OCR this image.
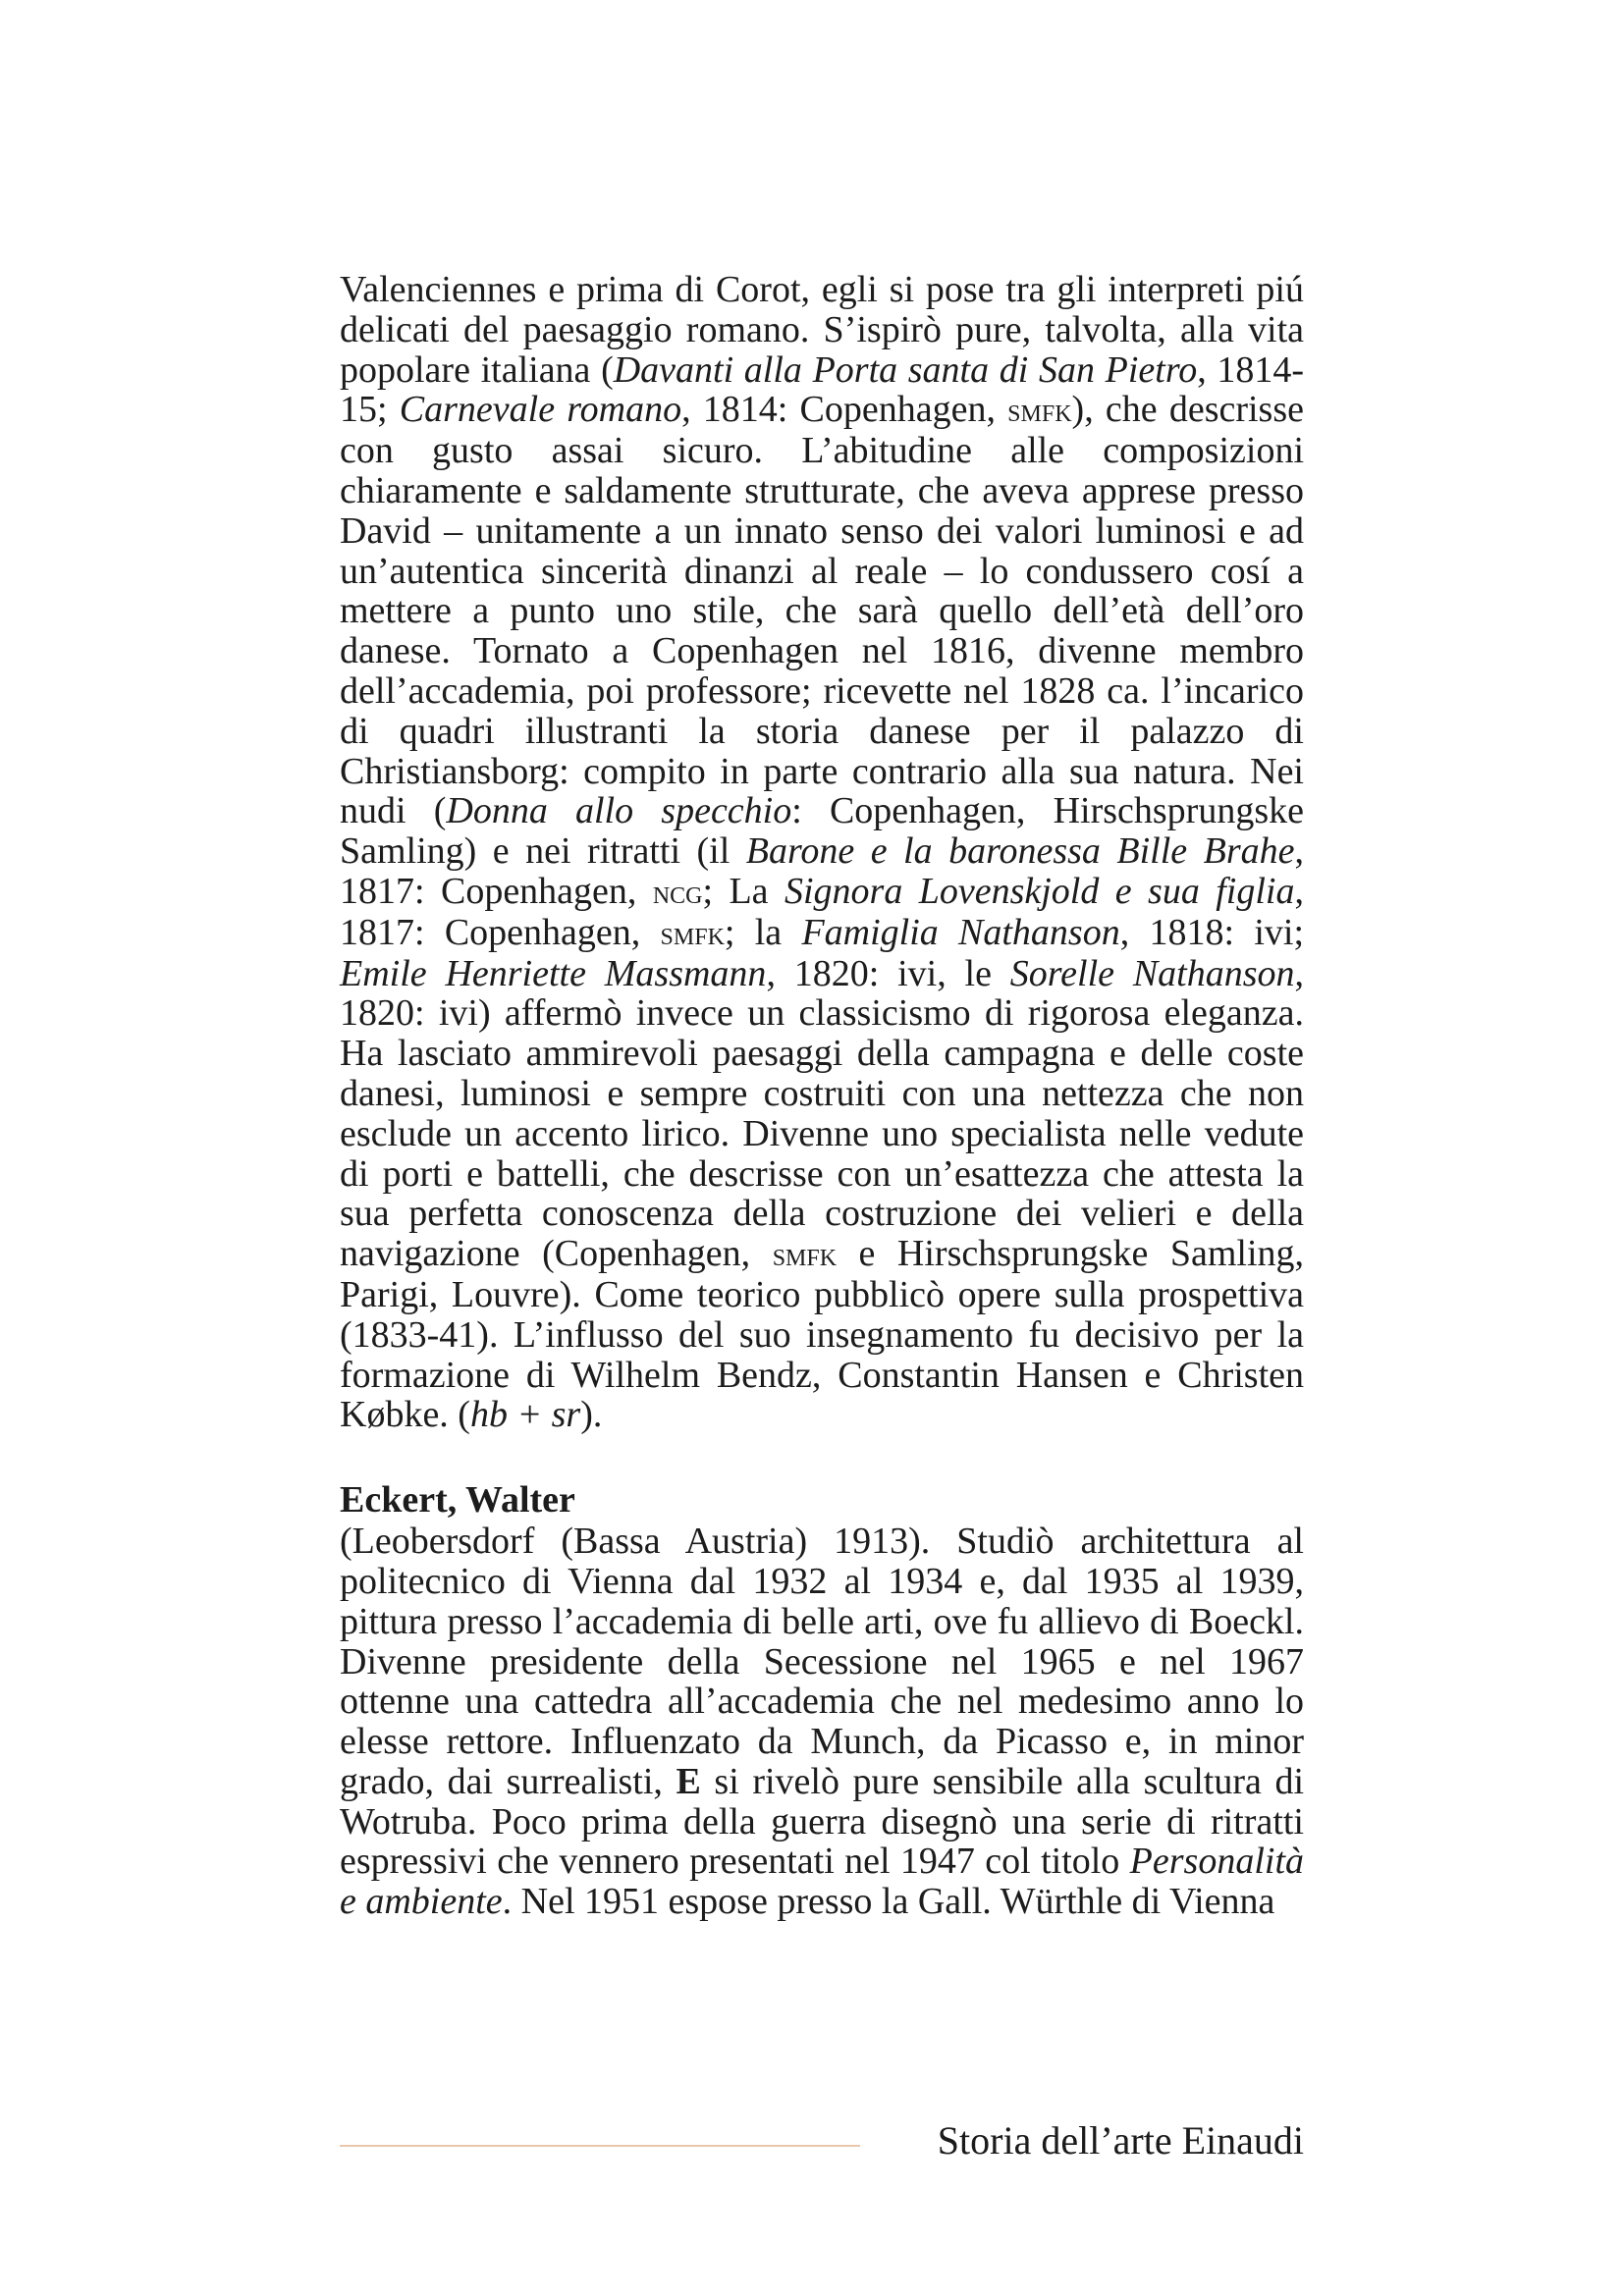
Valenciennes e prima di Corot, egli si pose tra gli interpreti piú delicati del paesaggio romano. S’ispirò pure, talvolta, alla vita popolare italiana (Davanti alla Porta santa di San Pietro, 1814-15; Carnevale romano, 1814: Copenhagen, smfk), che descrisse con gusto assai sicuro. L’abitudine alle composizioni chiaramente e saldamente strutturate, che aveva apprese presso David – unitamente a un innato senso dei valori luminosi e ad un’autentica sincerità dinanzi al reale – lo condussero cosí a mettere a punto uno stile, che sarà quello dell’età dell’oro danese. Tornato a Copenhagen nel 1816, divenne membro dell’accademia, poi professore; ricevette nel 1828 ca. l’incarico di quadri illustranti la storia danese per il palazzo di Christiansborg: compito in parte contrario alla sua natura. Nei nudi (Donna allo specchio: Copenhagen, Hirschsprungske Samling) e nei ritratti (il Barone e la baronessa Bille Brahe, 1817: Copenhagen, ncg; La Signora Lovenskjold e sua figlia, 1817: Copenhagen, smfk; la Famiglia Nathanson, 1818: ivi; Emile Henriette Massmann, 1820: ivi, le Sorelle Nathanson, 1820: ivi) affermò invece un classicismo di rigorosa eleganza. Ha lasciato ammirevoli paesaggi della campagna e delle coste danesi, luminosi e sempre costruiti con una nettezza che non esclude un accento lirico. Divenne uno specialista nelle vedute di porti e battelli, che descrisse con un’esattezza che attesta la sua perfetta conoscenza della costruzione dei velieri e della navigazione (Copenhagen, smfk e Hirschsprungske Samling, Parigi, Louvre). Come teorico pubblicò opere sulla prospettiva (1833-41). L’influsso del suo insegnamento fu decisivo per la formazione di Wilhelm Bendz, Constantin Hansen e Christen Købke. (hb + sr).

Eckert, Walter

(Leobersdorf (Bassa Austria) 1913). Studiò architettura al politecnico di Vienna dal 1932 al 1934 e, dal 1935 al 1939, pittura presso l’accademia di belle arti, ove fu allievo di Boeckl. Divenne presidente della Secessione nel 1965 e nel 1967 ottenne una cattedra all’accademia che nel medesimo anno lo elesse rettore. Influenzato da Munch, da Picasso e, in minor grado, dai surrealisti, E si rivelò pure sensibile alla scultura di Wotruba. Poco prima della guerra disegnò una serie di ritratti espressivi che vennero presentati nel 1947 col titolo Personalità e ambiente. Nel 1951 espose presso la Gall. Würthle di Vienna

Storia dell’arte Einaudi
